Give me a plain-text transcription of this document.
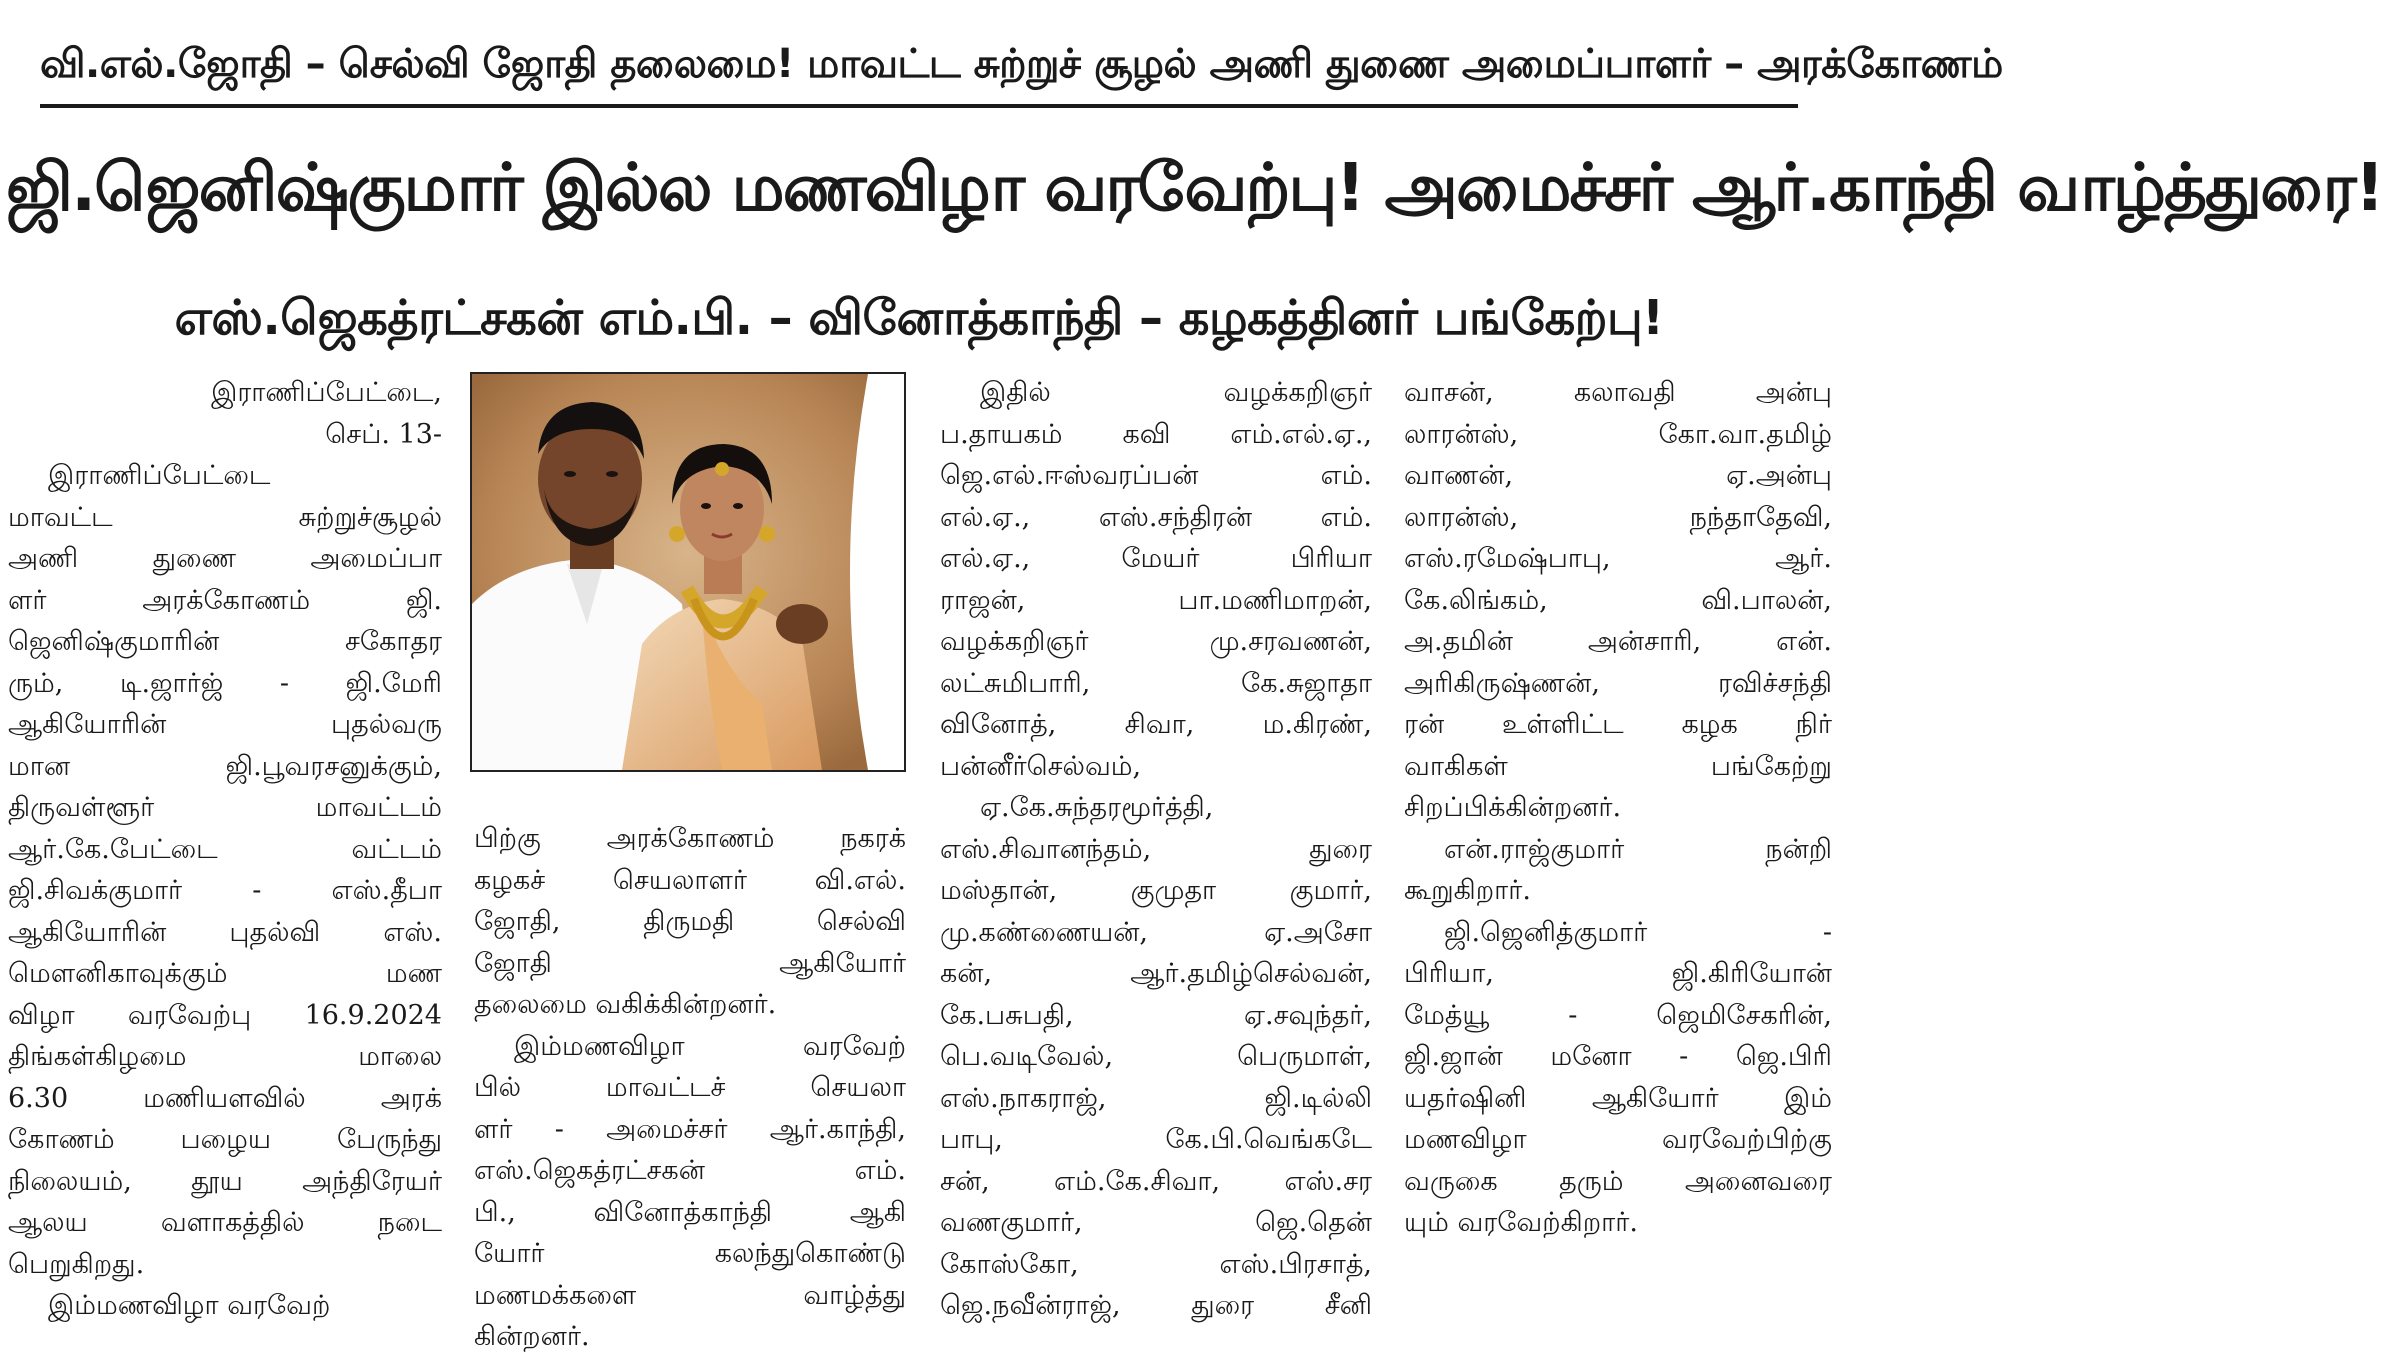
வி.எல்.ஜோதி – செல்வி ஜோதி தலைமை! மாவட்ட சுற்றுச் சூழல் அணி துணை அமைப்பாளர் – அரக்கோணம்
ஜி.ஜெனிஷ்குமார் இல்ல மணவிழா வரவேற்பு! அமைச்சர் ஆர்.காந்தி வாழ்த்துரை!
எஸ்.ஜெகத்ரட்சகன் எம்.பி. – வினோத்காந்தி – கழகத்தினர் பங்கேற்பு!
இராணிப்பேட்டை,
செப். 13-
இராணிப்பேட்டை
மாவட்ட சுற்றுச்சூழல்
அணி துணை அமைப்பா
ளர் அரக்கோணம் ஜி.
ஜெனிஷ்குமாரின் சகோதர
ரும், டி.ஜார்ஜ் - ஜி.மேரி
ஆகியோரின் புதல்வரு
மான ஜி.பூவரசனுக்கும்,
திருவள்ளூர் மாவட்டம்
ஆர்.கே.பேட்டை வட்டம்
ஜி.சிவக்குமார் - எஸ்.தீபா
ஆகியோரின் புதல்வி எஸ்.
மௌனிகாவுக்கும் மண
விழா வரவேற்பு 16.9.2024
திங்கள்கிழமை மாலை
6.30 மணியளவில் அரக்
கோணம் பழைய பேருந்து
நிலையம், தூய அந்திரேயர்
ஆலய வளாகத்தில் நடை
பெறுகிறது.
இம்மணவிழா வரவேற்
பிற்கு அரக்கோணம் நகரக்
கழகச் செயலாளர் வி.எல்.
ஜோதி, திருமதி செல்வி
ஜோதி ஆகியோர்
தலைமை வகிக்கின்றனர்.
இம்மணவிழா வரவேற்
பில் மாவட்டச் செயலா
ளர் - அமைச்சர் ஆர்.காந்தி,
எஸ்.ஜெகத்ரட்சகன் எம்.
பி., வினோத்காந்தி ஆகி
யோர் கலந்துகொண்டு
மணமக்களை வாழ்த்து
கின்றனர்.
இதில் வழக்கறிஞர்
ப.தாயகம் கவி எம்.எல்.ஏ.,
ஜெ.எல்.ஈஸ்வரப்பன் எம்.
எல்.ஏ., எஸ்.சந்திரன் எம்.
எல்.ஏ., மேயர் பிரியா
ராஜன், பா.மணிமாறன்,
வழக்கறிஞர் மு.சரவணன்,
லட்சுமிபாரி, கே.சுஜாதா
வினோத், சிவா, ம.கிரண்,
பன்னீர்செல்வம்,
ஏ.கே.சுந்தரமூர்த்தி,
எஸ்.சிவானந்தம், துரை
மஸ்தான், குமுதா குமார்,
மு.கண்ணையன், ஏ.அசோ
கன், ஆர்.தமிழ்செல்வன்,
கே.பசுபதி, ஏ.சவுந்தர்,
பெ.வடிவேல், பெருமாள்,
எஸ்.நாகராஜ், ஜி.டில்லி
பாபு, கே.பி.வெங்கடே
சன், எம்.கே.சிவா, எஸ்.சர
வணகுமார், ஜெ.தென்
கோஸ்கோ, எஸ்.பிரசாத்,
ஜெ.நவீன்ராஜ், துரை சீனி
வாசன், கலாவதி அன்பு
லாரன்ஸ், கோ.வா.தமிழ்
வாணன், ஏ.அன்பு
லாரன்ஸ், நந்தாதேவி,
எஸ்.ரமேஷ்பாபு, ஆர்.
கே.லிங்கம், வி.பாலன்,
அ.தமின் அன்சாரி, என்.
அரிகிருஷ்ணன், ரவிச்சந்தி
ரன் உள்ளிட்ட கழக நிர்
வாகிகள் பங்கேற்று
சிறப்பிக்கின்றனர்.
என்.ராஜ்குமார் நன்றி
கூறுகிறார்.
ஜி.ஜெனித்குமார் -
பிரியா, ஜி.கிரியோன்
மேத்யூ - ஜெமிசேகரின்,
ஜி.ஜான் மனோ - ஜெ.பிரி
யதர்ஷினி ஆகியோர் இம்
மணவிழா வரவேற்பிற்கு
வருகை தரும் அனைவரை
யும் வரவேற்கிறார்.
